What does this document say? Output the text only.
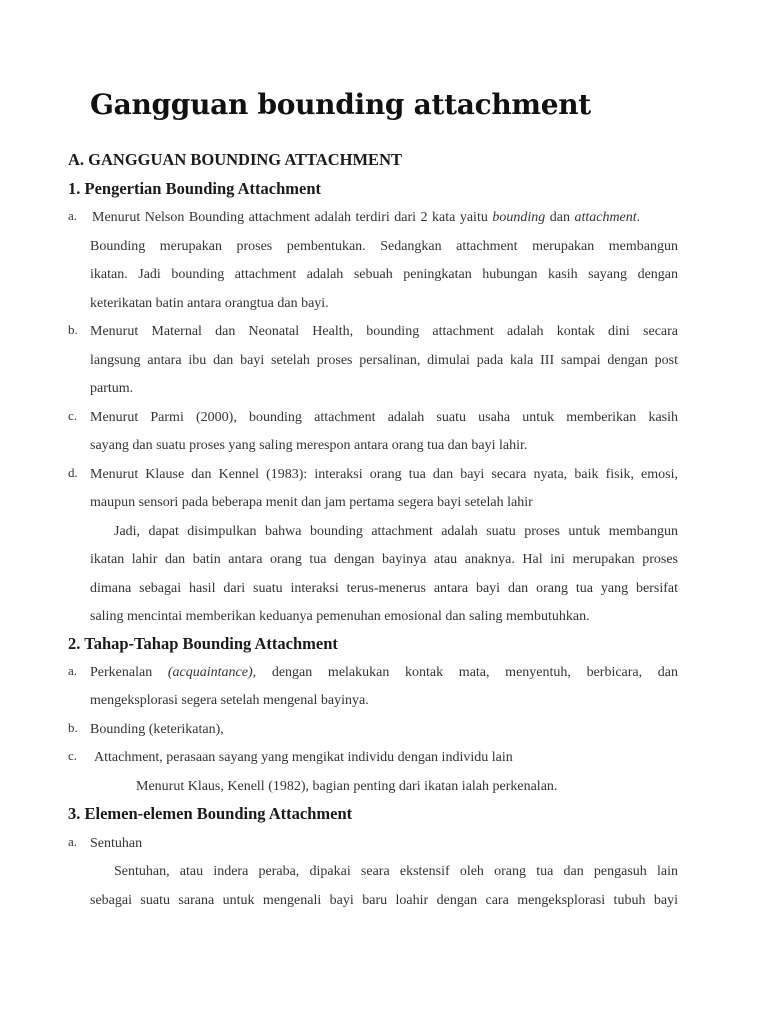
Gangguan bounding attachment
A. GANGGUAN BOUNDING ATTACHMENT
1. Pengertian Bounding Attachment
a. Menurut Nelson Bounding attachment adalah terdiri dari 2 kata yaitu bounding dan attachment.
Bounding merupakan proses pembentukan. Sedangkan attachment merupakan membangun
ikatan. Jadi bounding attachment adalah sebuah peningkatan hubungan kasih sayang dengan
keterikatan batin antara orangtua dan bayi.
b. Menurut Maternal dan Neonatal Health, bounding attachment adalah kontak dini secara
langsung antara ibu dan bayi setelah proses persalinan, dimulai pada kala III sampai dengan post
partum.
c. Menurut Parmi (2000), bounding attachment adalah suatu usaha untuk memberikan kasih
sayang dan suatu proses yang saling merespon antara orang tua dan bayi lahir.
d. Menurut Klause dan Kennel (1983): interaksi orang tua dan bayi secara nyata, baik fisik, emosi,
maupun sensori pada beberapa menit dan jam pertama segera bayi setelah lahir
Jadi, dapat disimpulkan bahwa bounding attachment adalah suatu proses untuk membangun
ikatan lahir dan batin antara orang tua dengan bayinya atau anaknya. Hal ini merupakan proses
dimana sebagai hasil dari suatu interaksi terus-menerus antara bayi dan orang tua yang bersifat
saling mencintai memberikan keduanya pemenuhan emosional dan saling membutuhkan.
2. Tahap-Tahap Bounding Attachment
a. Perkenalan (acquaintance), dengan melakukan kontak mata, menyentuh, berbicara, dan
mengeksplorasi segera setelah mengenal bayinya.
b. Bounding (keterikatan),
c. Attachment, perasaan sayang yang mengikat individu dengan individu lain
Menurut Klaus, Kenell (1982), bagian penting dari ikatan ialah perkenalan.
3. Elemen-elemen Bounding Attachment
a. Sentuhan
Sentuhan, atau indera peraba, dipakai seara ekstensif oleh orang tua dan pengasuh lain
sebagai suatu sarana untuk mengenali bayi baru loahir dengan cara mengeksplorasi tubuh bayi
